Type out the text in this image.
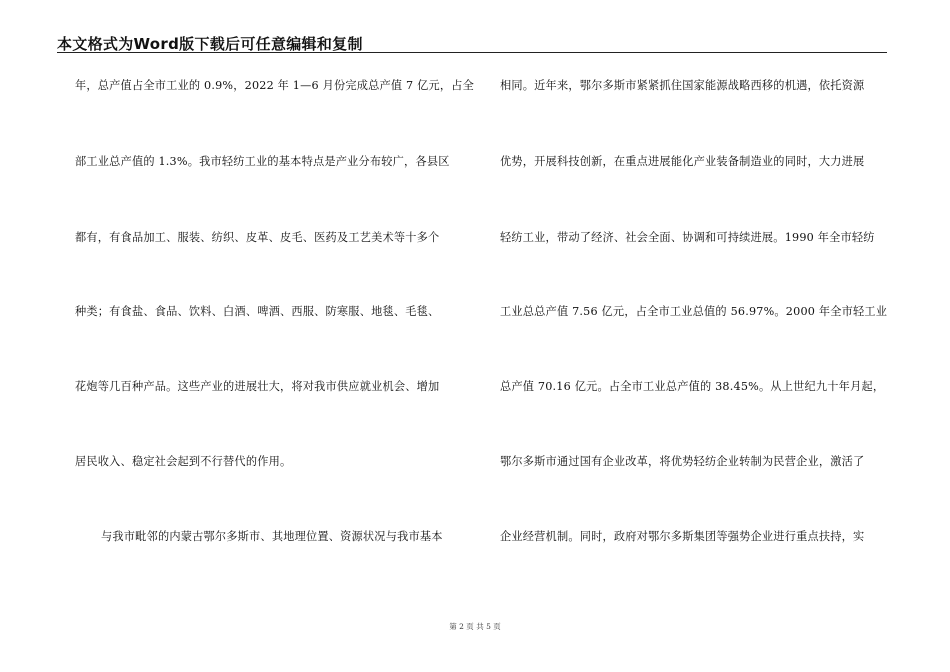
本文格式为Word版下载后可任意编辑和复制
年，总产值占全市工业的 0.9%，2022 年 1—6 月份完成总产值 7 亿元，占全
部工业总产值的 1.3%。我市轻纺工业的基本特点是产业分布较广，各县区
都有，有食品加工、服装、纺织、皮革、皮毛、医药及工艺美术等十多个
种类；有食盐、食品、饮料、白酒、啤酒、西服、防寒服、地毯、毛毯、
花炮等几百种产品。这些产业的进展壮大，将对我市供应就业机会、增加
居民收入、稳定社会起到不行替代的作用。
与我市毗邻的内蒙古鄂尔多斯市、其地理位置、资源状况与我市基本
相同。近年来，鄂尔多斯市紧紧抓住国家能源战略西移的机遇，依托资源
优势，开展科技创新，在重点进展能化产业装备制造业的同时，大力进展
轻纺工业，带动了经济、社会全面、协调和可持续进展。1990 年全市轻纺
工业总总产值 7.56 亿元，占全市工业总值的 56.97%。2000 年全市轻工业
总产值 70.16 亿元。占全市工业总产值的 38.45%。从上世纪九十年月起，
鄂尔多斯市通过国有企业改革，将优势轻纺企业转制为民营企业，激活了
企业经营机制。同时，政府对鄂尔多斯集团等强势企业进行重点扶持，实
第 2 页 共 5 页
